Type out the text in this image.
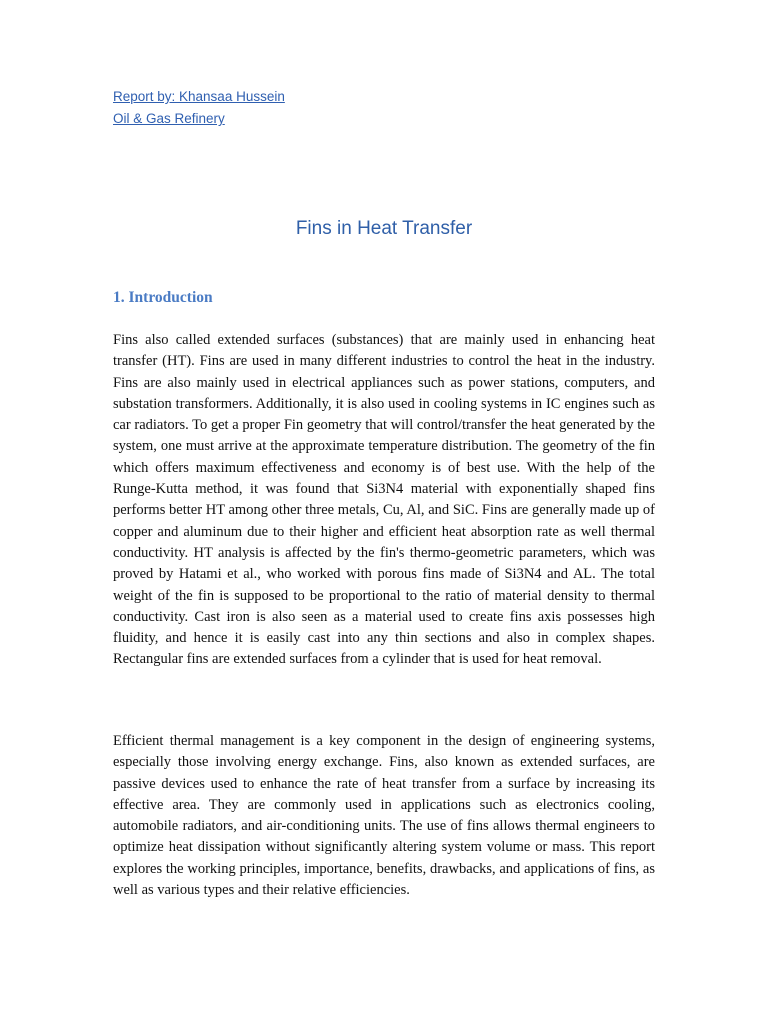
Report by: Khansaa Hussein
Oil & Gas Refinery
Fins in Heat Transfer
1. Introduction

Fins also called extended surfaces (substances) that are mainly used in enhancing heat transfer (HT). Fins are used in many different industries to control the heat in the industry. Fins are also mainly used in electrical appliances such as power stations, computers, and substation transformers. Additionally, it is also used in cooling systems in IC engines such as car radiators. To get a proper Fin geometry that will control/transfer the heat generated by the system, one must arrive at the approximate temperature distribution. The geometry of the fin which offers maximum effectiveness and economy is of best use. With the help of the Runge-Kutta method, it was found that Si3N4 material with exponentially shaped fins performs better HT among other three metals, Cu, Al, and SiC. Fins are generally made up of copper and aluminum due to their higher and efficient heat absorption rate as well thermal conductivity. HT analysis is affected by the fin's thermo-geometric parameters, which was proved by Hatami et al., who worked with porous fins made of Si3N4 and AL. The total weight of the fin is supposed to be proportional to the ratio of material density to thermal conductivity. Cast iron is also seen as a material used to create fins axis possesses high fluidity, and hence it is easily cast into any thin sections and also in complex shapes. Rectangular fins are extended surfaces from a cylinder that is used for heat removal.

Efficient thermal management is a key component in the design of engineering systems, especially those involving energy exchange. Fins, also known as extended surfaces, are passive devices used to enhance the rate of heat transfer from a surface by increasing its effective area. They are commonly used in applications such as electronics cooling, automobile radiators, and air-conditioning units. The use of fins allows thermal engineers to optimize heat dissipation without significantly altering system volume or mass. This report explores the working principles, importance, benefits, drawbacks, and applications of fins, as well as various types and their relative efficiencies.
